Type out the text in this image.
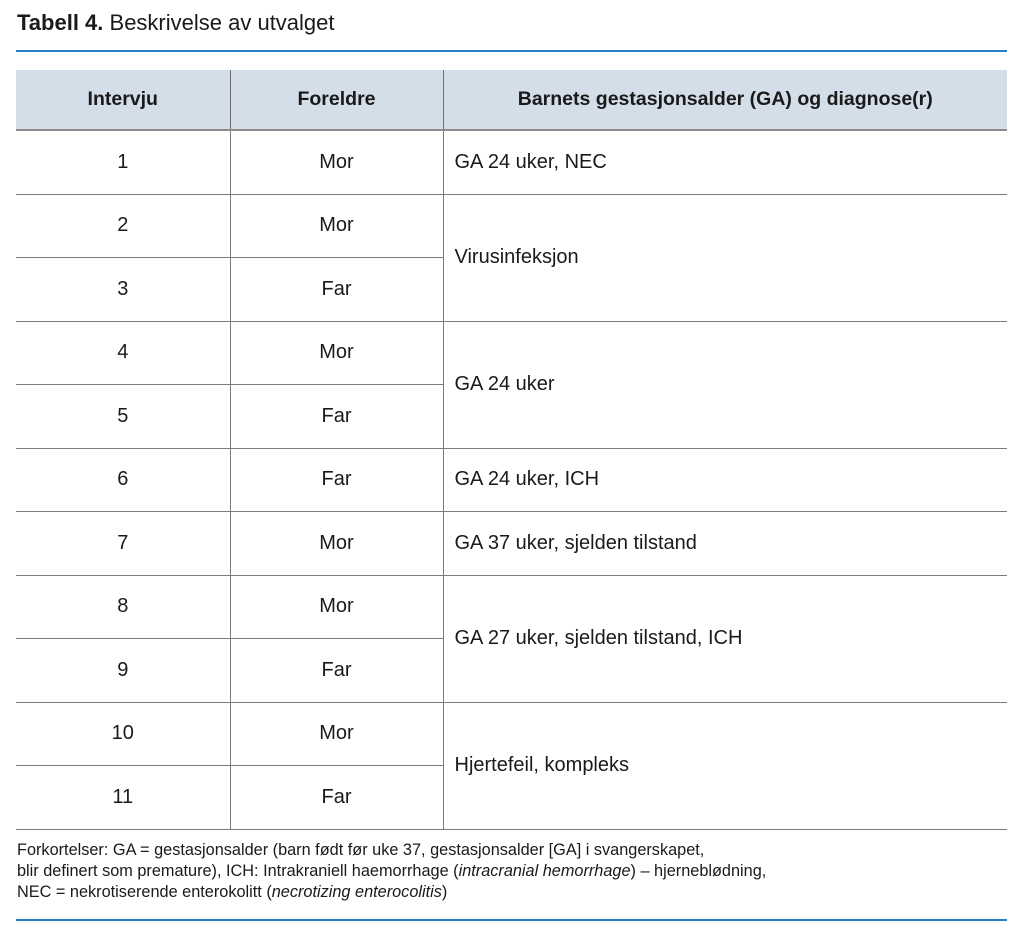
Tabell 4. Beskrivelse av utvalget
Intervju	Foreldre	Barnets gestasjonsalder (GA) og diagnose(r)
1	Mor	GA 24 uker, NEC
2	Mor	Virusinfeksjon
3	Far	
4	Mor	GA 24 uker
5	Far	
6	Far	GA 24 uker, ICH
7	Mor	GA 37 uker, sjelden tilstand
8	Mor	GA 27 uker, sjelden tilstand, ICH
9	Far	
10	Mor	Hjertefeil, kompleks
11	Far	
Forkortelser: GA = gestasjonsalder (barn født før uke 37, gestasjonsalder [GA] i svangerskapet,
blir definert som premature), ICH: Intrakraniell haemorrhage (intracranial hemorrhage) – hjerneblødning,
NEC = nekrotiserende enterokolitt (necrotizing enterocolitis)
